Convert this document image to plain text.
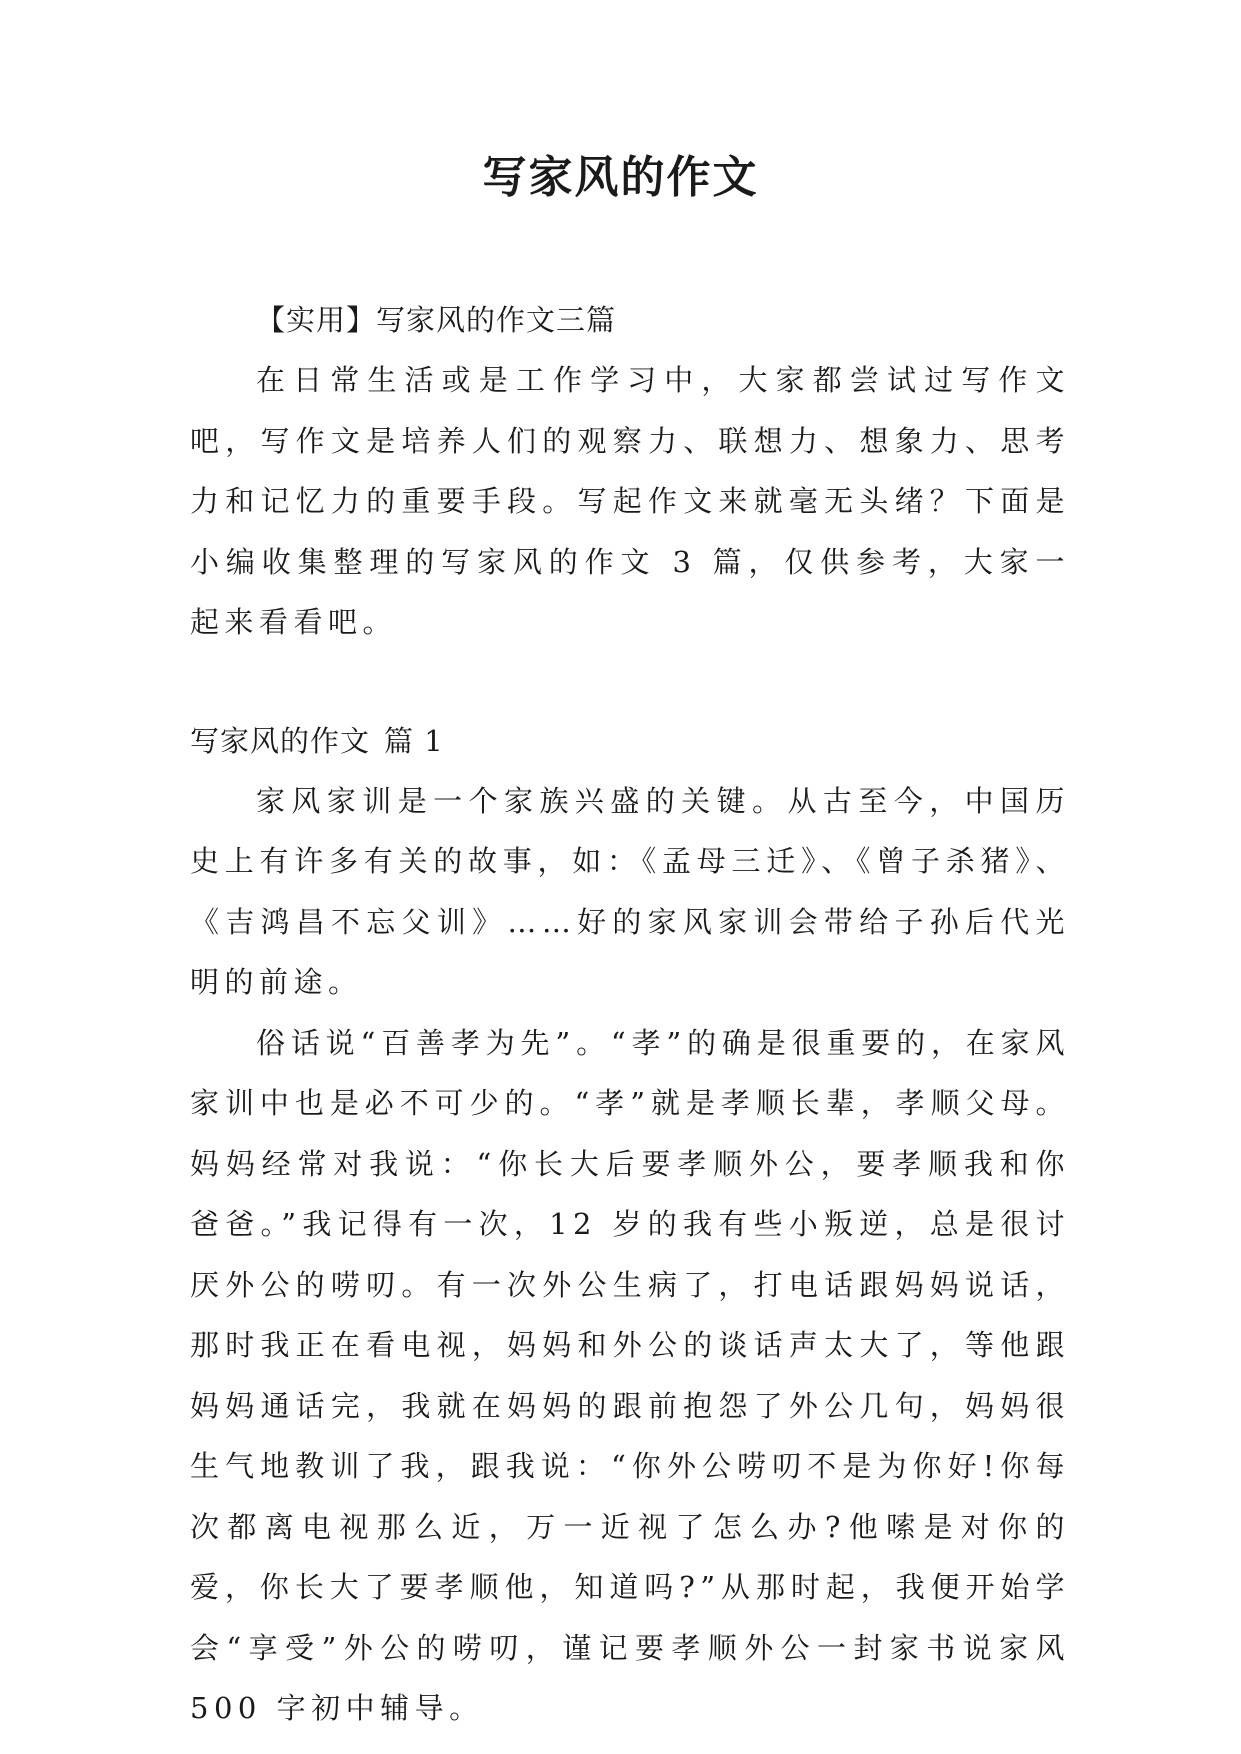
写家风的作文

【实用】写家风的作文三篇

在日常生活或是工作学习中，大家都尝试过写作文吧，写作文是培养人们的观察力、联想力、想象力、思考力和记忆力的重要手段。写起作文来就毫无头绪？下面是小编收集整理的写家风的作文 3 篇，仅供参考，大家一起来看看吧。

写家风的作文 篇 1

家风家训是一个家族兴盛的关键。从古至今，中国历史上有许多有关的故事，如：《孟母三迁》、《曾子杀猪》、《吉鸿昌不忘父训》……好的家风家训会带给子孙后代光明的前途。

俗话说“百善孝为先”。“孝”的确是很重要的，在家风家训中也是必不可少的。“孝”就是孝顺长辈，孝顺父母。妈妈经常对我说：“你长大后要孝顺外公，要孝顺我和你爸爸。”我记得有一次，12 岁的我有些小叛逆，总是很讨厌外公的唠叨。有一次外公生病了，打电话跟妈妈说话，那时我正在看电视，妈妈和外公的谈话声太大了，等他跟妈妈通话完，我就在妈妈的跟前抱怨了外公几句，妈妈很生气地教训了我，跟我说：“你外公唠叨不是为你好!你每次都离电视那么近，万一近视了怎么办?他嗦是对你的爱，你长大了要孝顺他，知道吗?”从那时起，我便开始学会“享受”外公的唠叨，谨记要孝顺外公一封家书说家风 500 字初中辅导。
